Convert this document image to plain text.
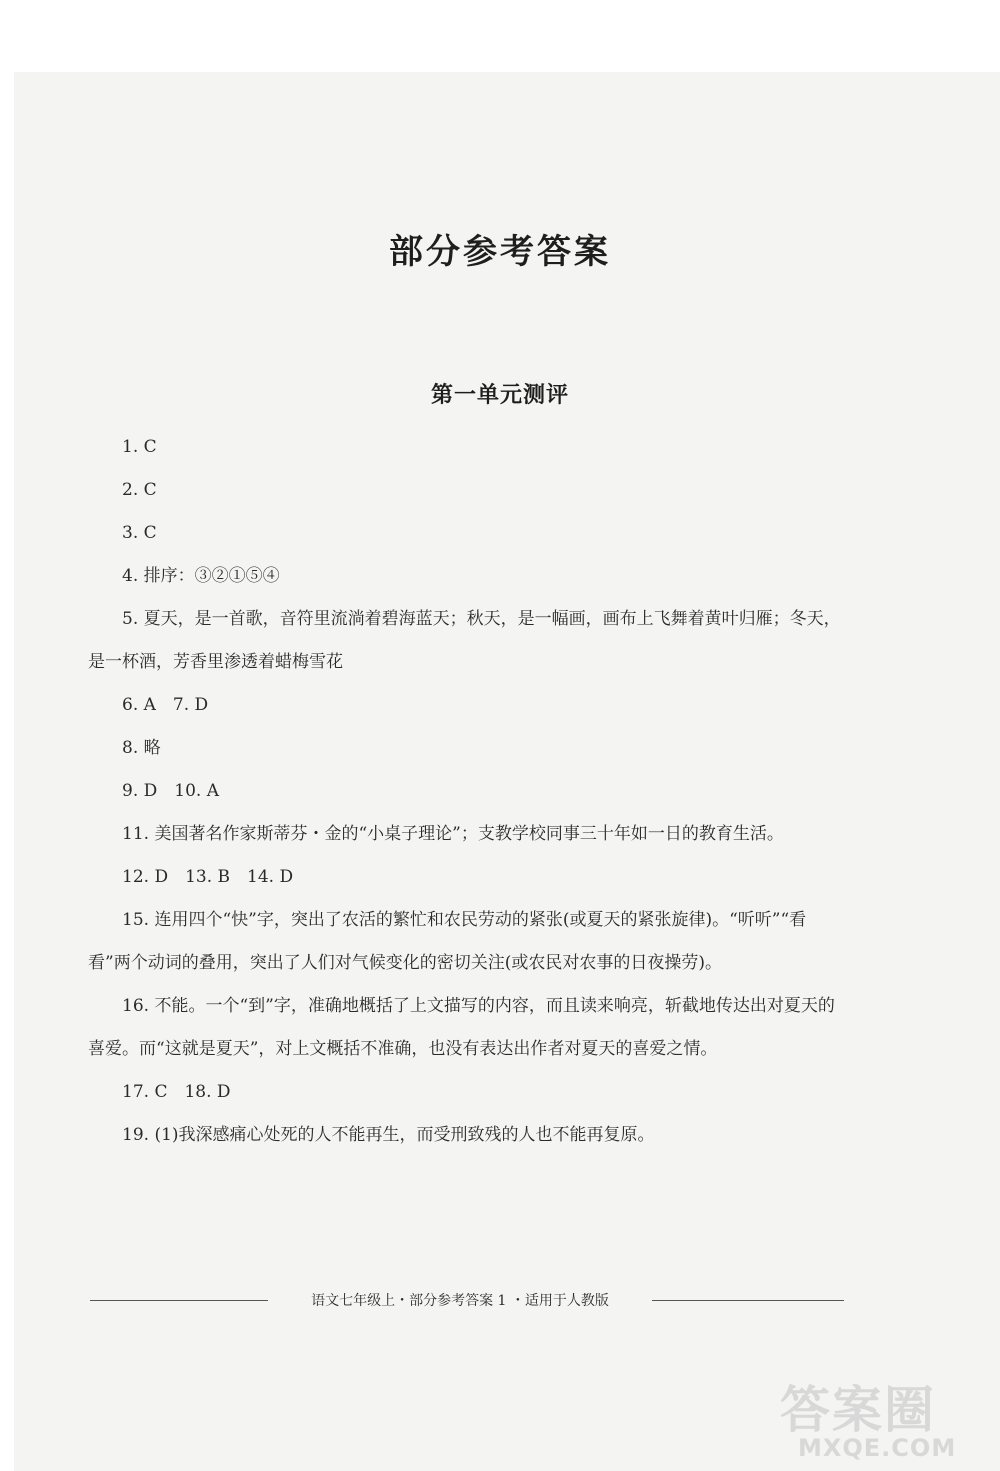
部分参考答案
第一单元测评

1. C

2. C

3. C

4. 排序：③②①⑤④

5. 夏天，是一首歌，音符里流淌着碧海蓝天；秋天，是一幅画，画布上飞舞着黄叶归雁；冬天，是一杯酒，芳香里渗透着蜡梅雪花

6. A　7. D

8. 略

9. D　10. A

11. 美国著名作家斯蒂芬・金的“小桌子理论”；支教学校同事三十年如一日的教育生活。

12. D　13. B　14. D

15. 连用四个“快”字，突出了农活的繁忙和农民劳动的紧张(或夏天的紧张旋律)。“听听”“看看”两个动词的叠用，突出了人们对气候变化的密切关注(或农民对农事的日夜操劳)。

16. 不能。一个“到”字，准确地概括了上文描写的内容，而且读来响亮，斩截地传达出对夏天的喜爱。而“这就是夏天”，对上文概括不准确，也没有表达出作者对夏天的喜爱之情。

17. C　18. D

19. (1)我深感痛心处死的人不能再生，而受刑致残的人也不能再复原。

语文七年级上・部分参考答案 1 ・适用于人教版
答案圈
MXQE.COM
